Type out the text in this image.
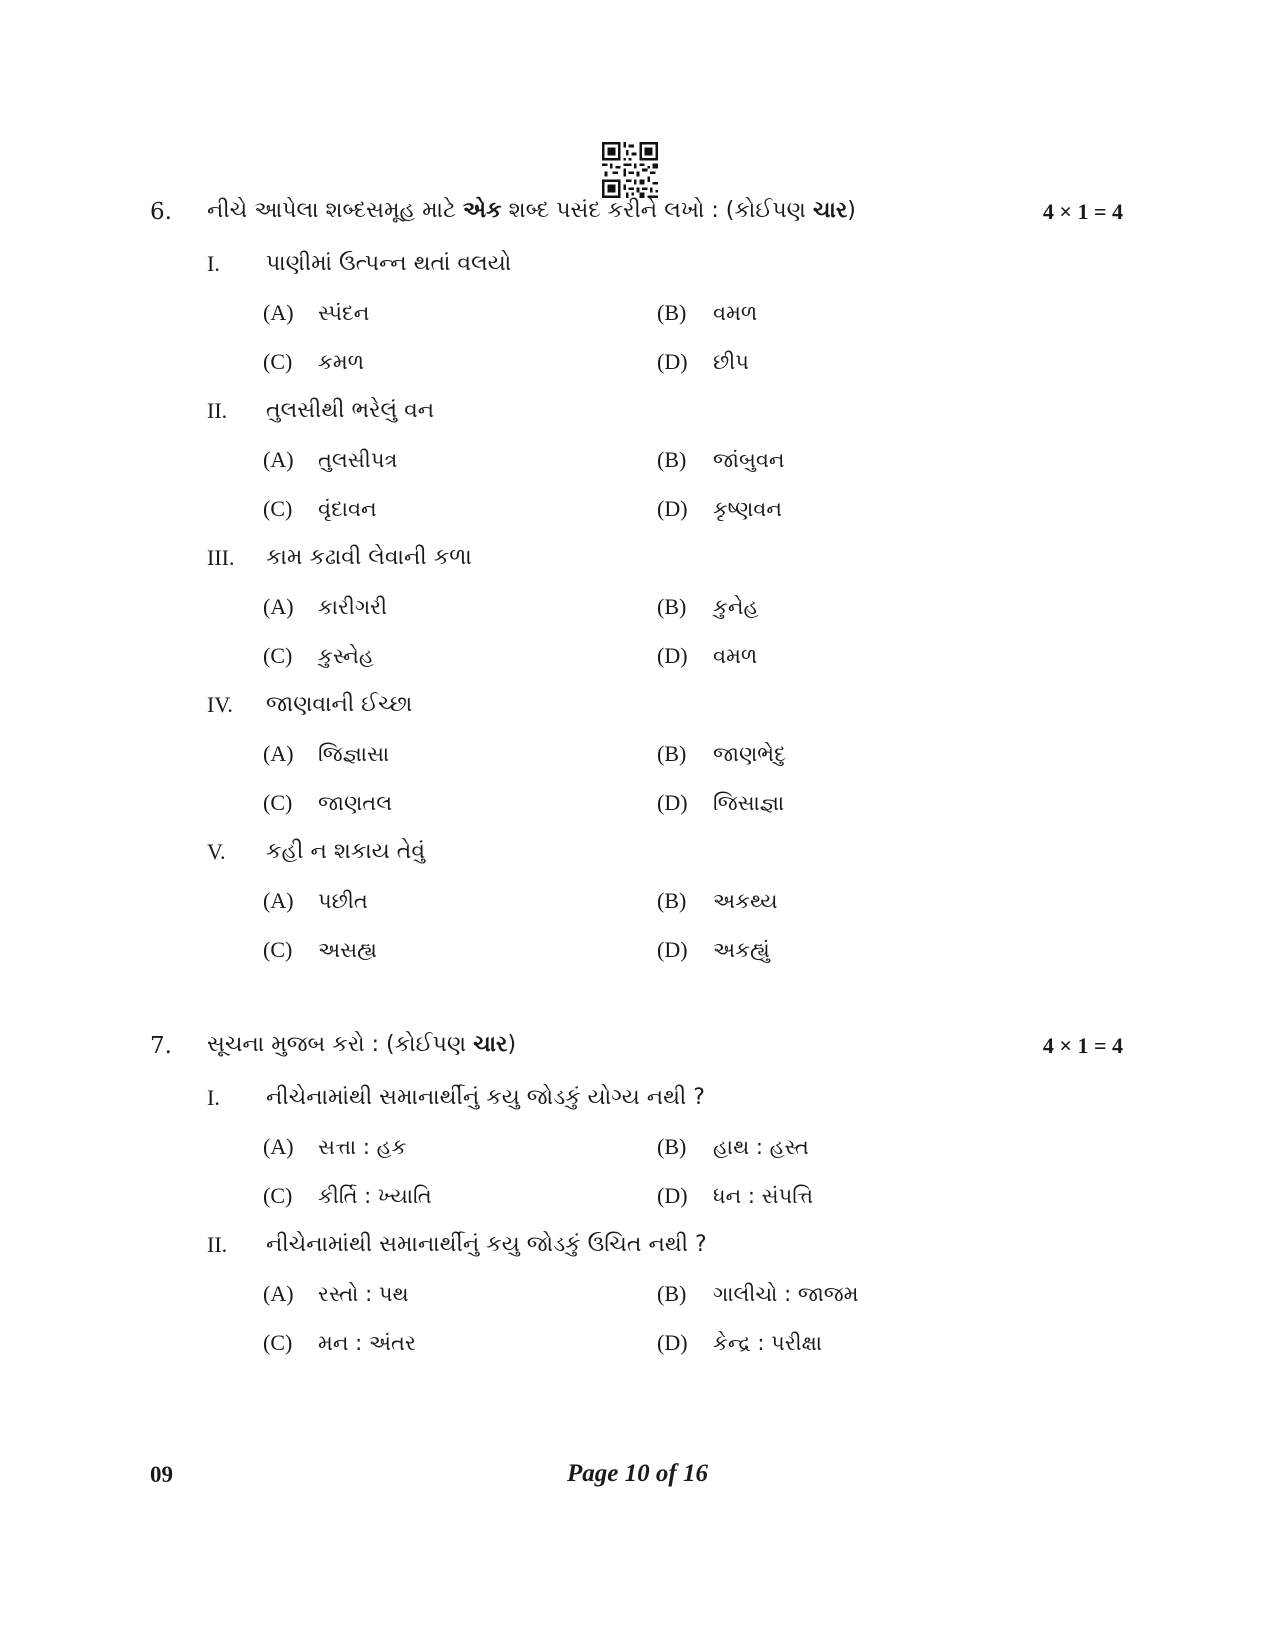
6. નીચે આપેલા શબ્દસમૂહ માટે એક શબ્દ પસંદ કરીને લખો : (કોઈપણ ચાર)	4 × 1 = 4
I. પાણીમાં ઉત્પન્ન થતાં વલયો
(A) સ્પંદન	(B) વમળ
(C) કમળ	(D) છીપ
II. તુલસીથી ભરેલું વન
(A) તુલસીપત્ર	(B) જાંબુવન
(C) વૃંદાવન	(D) કૃષ્ણવન
III. કામ કઢાવી લેવાની કળા
(A) કારીગરી	(B) કુનેહ
(C) કુસ્નેહ	(D) વમળ
IV. જાણવાની ઈચ્છા
(A) જિજ્ઞાસા	(B) જાણભેદુ
(C) જાણતલ	(D) જિસાજ્ઞા
V. કહી ન શકાય તેવું
(A) પછીત	(B) અકથ્ય
(C) અસહ્ય	(D) અકહ્યું
7. સૂચના મુજબ કરો : (કોઈપણ ચાર)	4 × 1 = 4
I. નીચેનામાંથી સમાનાર્થીનું કયુ જોડકું યોગ્ય નથી ?
(A) સત્તા : હક	(B) હાથ : હસ્ત
(C) કીર્તિ : ખ્યાતિ	(D) ધન : સંપત્તિ
II. નીચેનામાંથી સમાનાર્થીનું કયુ જોડકું ઉચિત નથી ?
(A) રસ્તો : પથ	(B) ગાલીચો : જાજમ
(C) મન : અંતર	(D) કેન્દ્ર : પરીક્ષા
09	Page 10 of 16
